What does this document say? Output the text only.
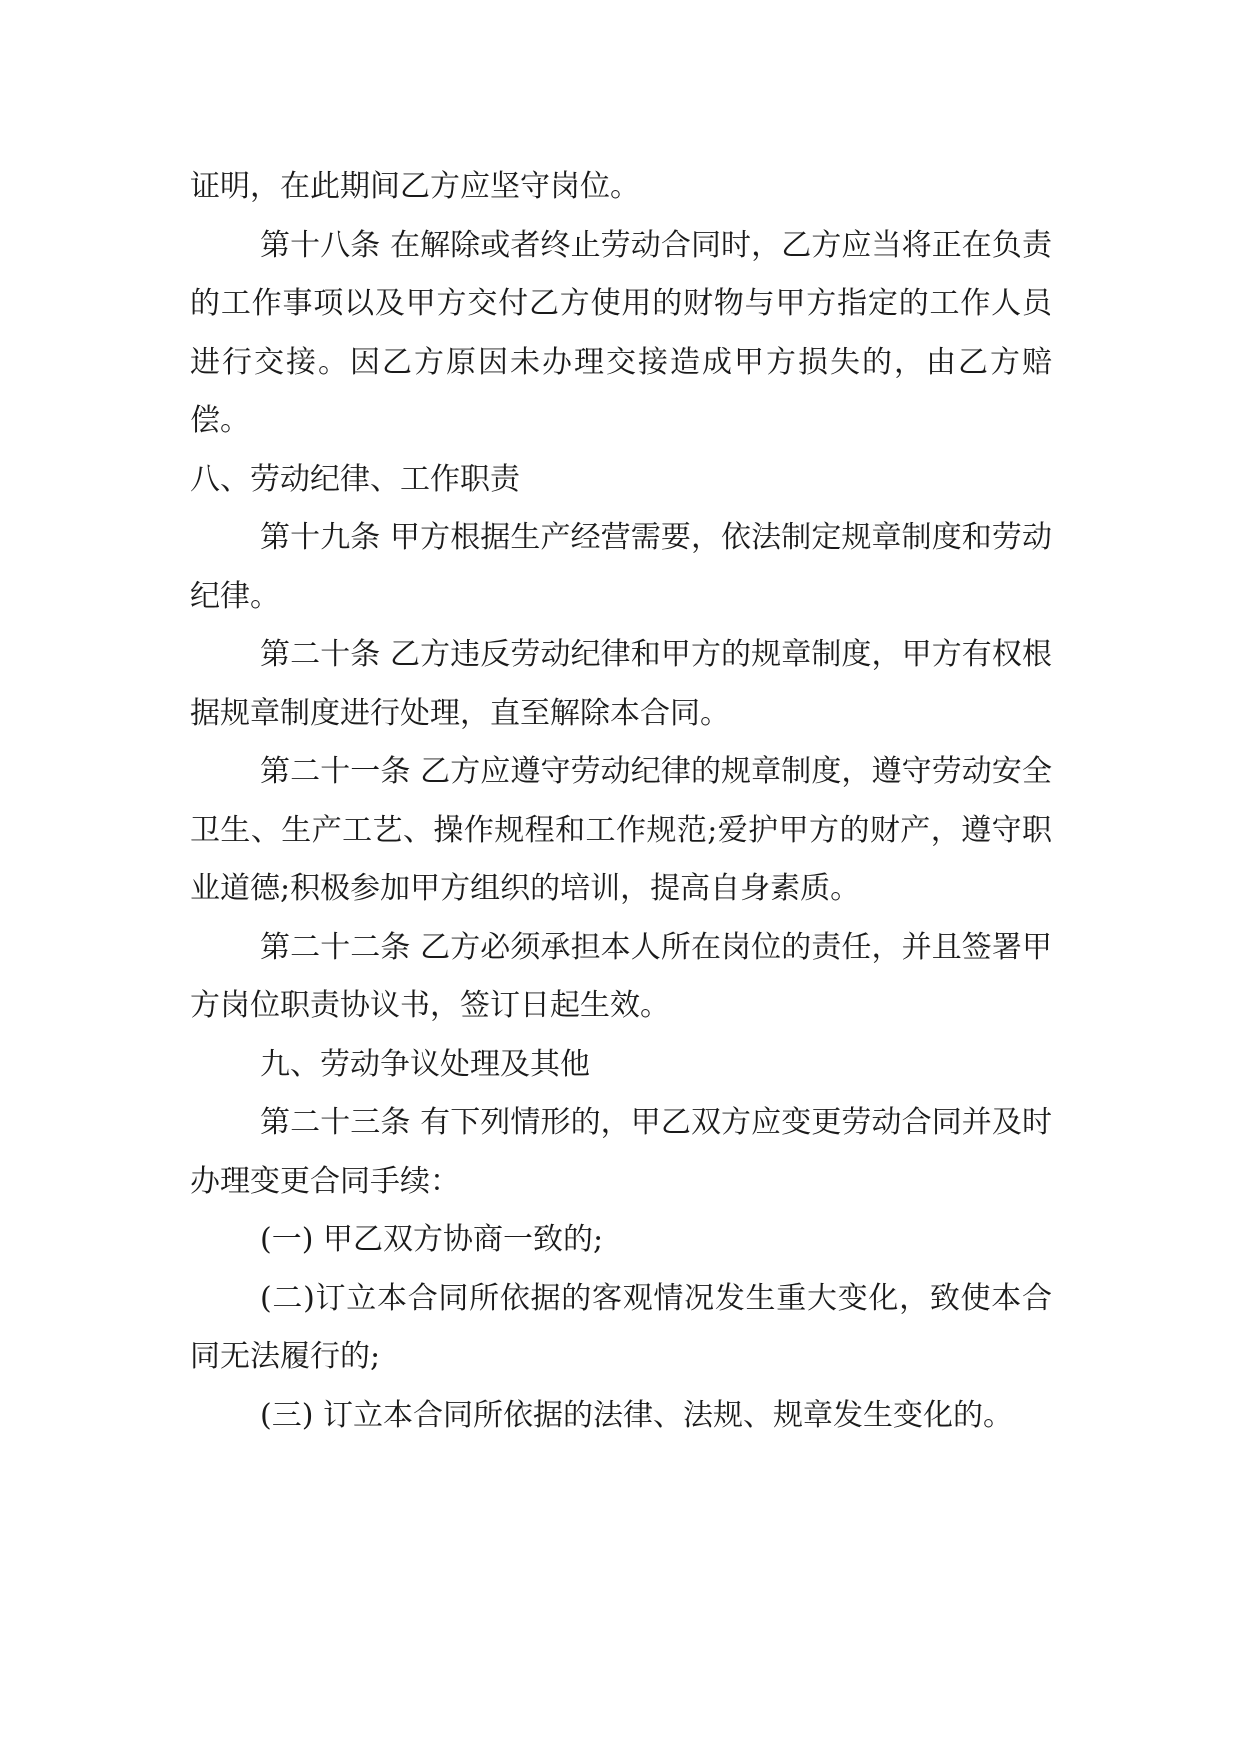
证明，在此期间乙方应坚守岗位。

第十八条 在解除或者终止劳动合同时，乙方应当将正在负责的工作事项以及甲方交付乙方使用的财物与甲方指定的工作人员进行交接。因乙方原因未办理交接造成甲方损失的，由乙方赔偿。

八、劳动纪律、工作职责

第十九条 甲方根据生产经营需要，依法制定规章制度和劳动纪律。

第二十条 乙方违反劳动纪律和甲方的规章制度，甲方有权根据规章制度进行处理，直至解除本合同。

第二十一条 乙方应遵守劳动纪律的规章制度，遵守劳动安全卫生、生产工艺、操作规程和工作规范;爱护甲方的财产，遵守职业道德;积极参加甲方组织的培训，提高自身素质。

第二十二条 乙方必须承担本人所在岗位的责任，并且签署甲方岗位职责协议书，签订日起生效。

九、劳动争议处理及其他

第二十三条 有下列情形的，甲乙双方应变更劳动合同并及时办理变更合同手续：

(一) 甲乙双方协商一致的;

(二)订立本合同所依据的客观情况发生重大变化，致使本合同无法履行的;

(三) 订立本合同所依据的法律、法规、规章发生变化的。
